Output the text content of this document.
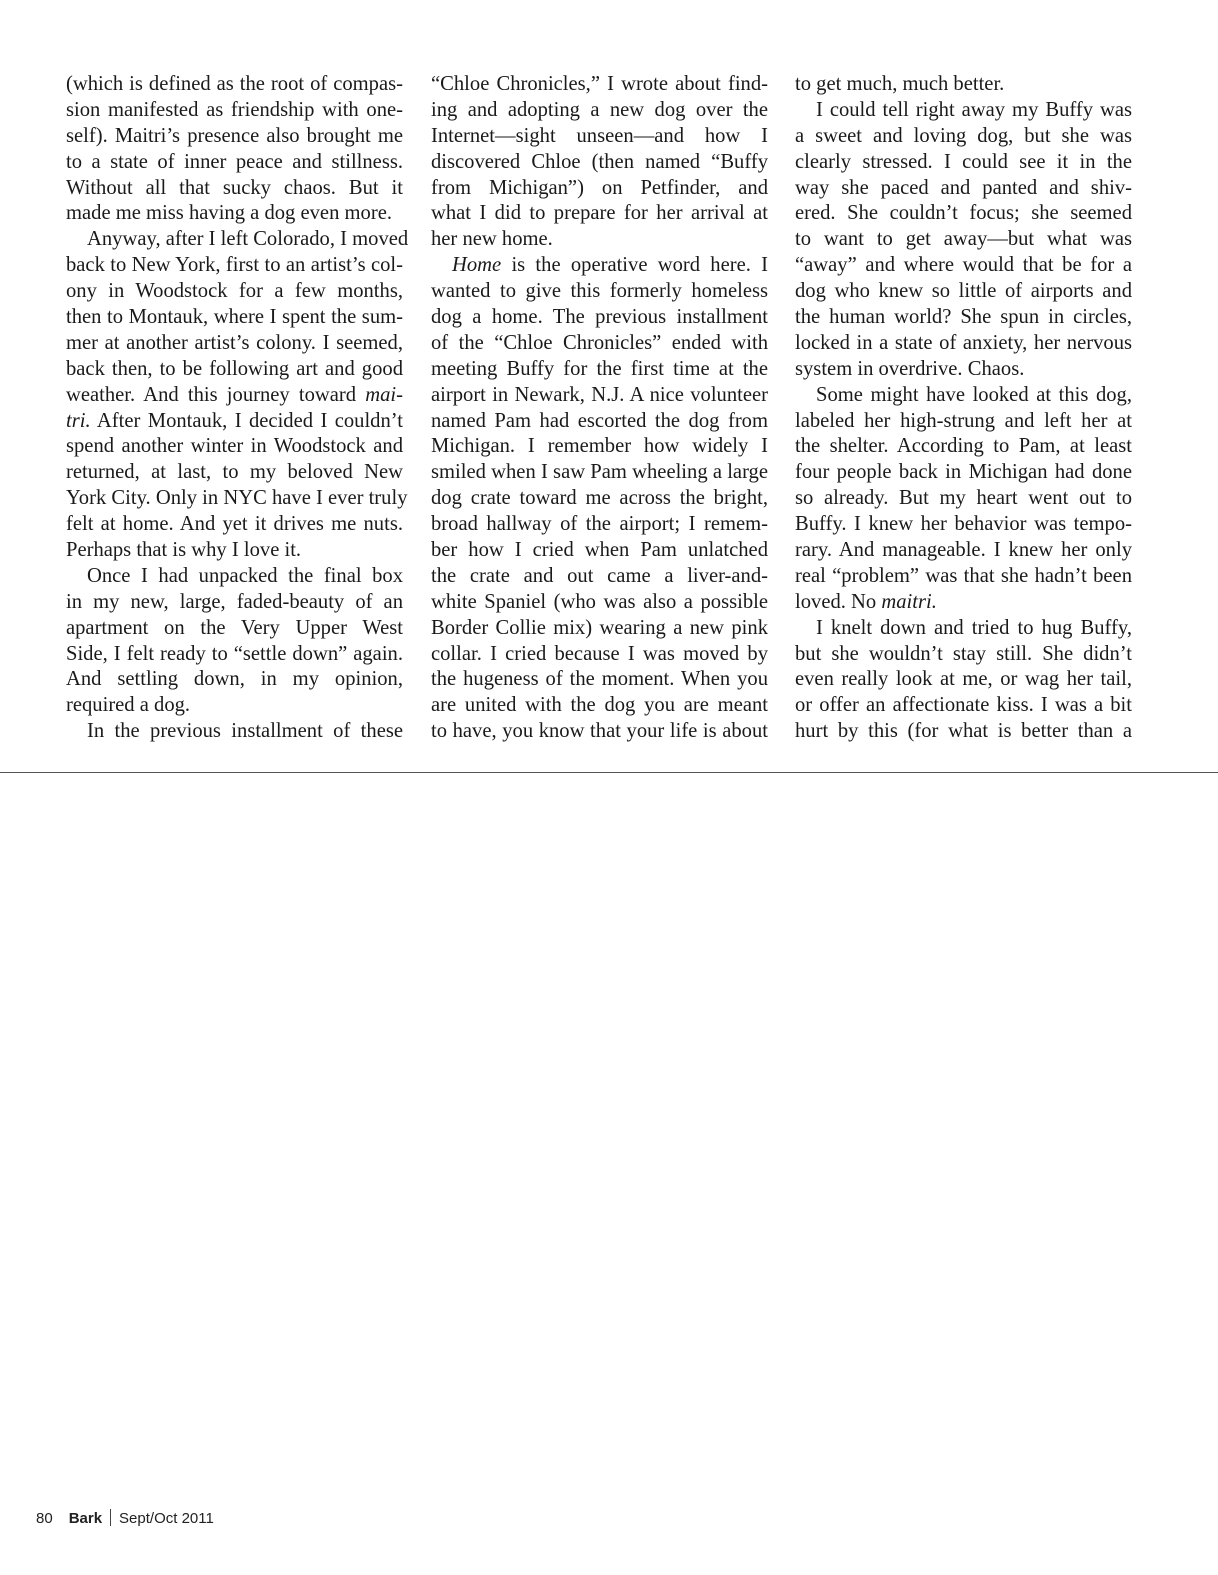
(which is defined as the root of compas-
sion manifested as friendship with one-
self). Maitri’s presence also brought me
to a state of inner peace and stillness.
Without all that sucky chaos. But it
made me miss having a dog even more.
Anyway, after I left Colorado, I moved
back to New York, first to an artist’s col-
ony in Woodstock for a few months,
then to Montauk, where I spent the sum-
mer at another artist’s colony. I seemed,
back then, to be following art and good
weather. And this journey toward mai-
tri. After Montauk, I decided I couldn’t
spend another winter in Woodstock and
returned, at last, to my beloved New
York City. Only in NYC have I ever truly
felt at home. And yet it drives me nuts.
Perhaps that is why I love it.
Once I had unpacked the final box
in my new, large, faded-beauty of an
apartment on the Very Upper West
Side, I felt ready to “settle down” again.
And settling down, in my opinion,
required a dog.
In the previous installment of these
“Chloe Chronicles,” I wrote about find-
ing and adopting a new dog over the
Internet—sight unseen—and how I
discovered Chloe (then named “Buffy
from Michigan”) on Petfinder, and
what I did to prepare for her arrival at
her new home.
Home is the operative word here. I
wanted to give this formerly homeless
dog a home. The previous installment
of the “Chloe Chronicles” ended with
meeting Buffy for the first time at the
airport in Newark, N.J. A nice volunteer
named Pam had escorted the dog from
Michigan. I remember how widely I
smiled when I saw Pam wheeling a large
dog crate toward me across the bright,
broad hallway of the airport; I remem-
ber how I cried when Pam unlatched
the crate and out came a liver-and-
white Spaniel (who was also a possible
Border Collie mix) wearing a new pink
collar. I cried because I was moved by
the hugeness of the moment. When you
are united with the dog you are meant
to have, you know that your life is about
to get much, much better.
I could tell right away my Buffy was
a sweet and loving dog, but she was
clearly stressed. I could see it in the
way she paced and panted and shiv-
ered. She couldn’t focus; she seemed
to want to get away—but what was
“away” and where would that be for a
dog who knew so little of airports and
the human world? She spun in circles,
locked in a state of anxiety, her nervous
system in overdrive. Chaos.
Some might have looked at this dog,
labeled her high-strung and left her at
the shelter. According to Pam, at least
four people back in Michigan had done
so already. But my heart went out to
Buffy. I knew her behavior was tempo-
rary. And manageable. I knew her only
real “problem” was that she hadn’t been
loved. No maitri.
I knelt down and tried to hug Buffy,
but she wouldn’t stay still. She didn’t
even really look at me, or wag her tail,
or offer an affectionate kiss. I was a bit
hurt by this (for what is better than a
80 Bark Sept/Oct 2011
